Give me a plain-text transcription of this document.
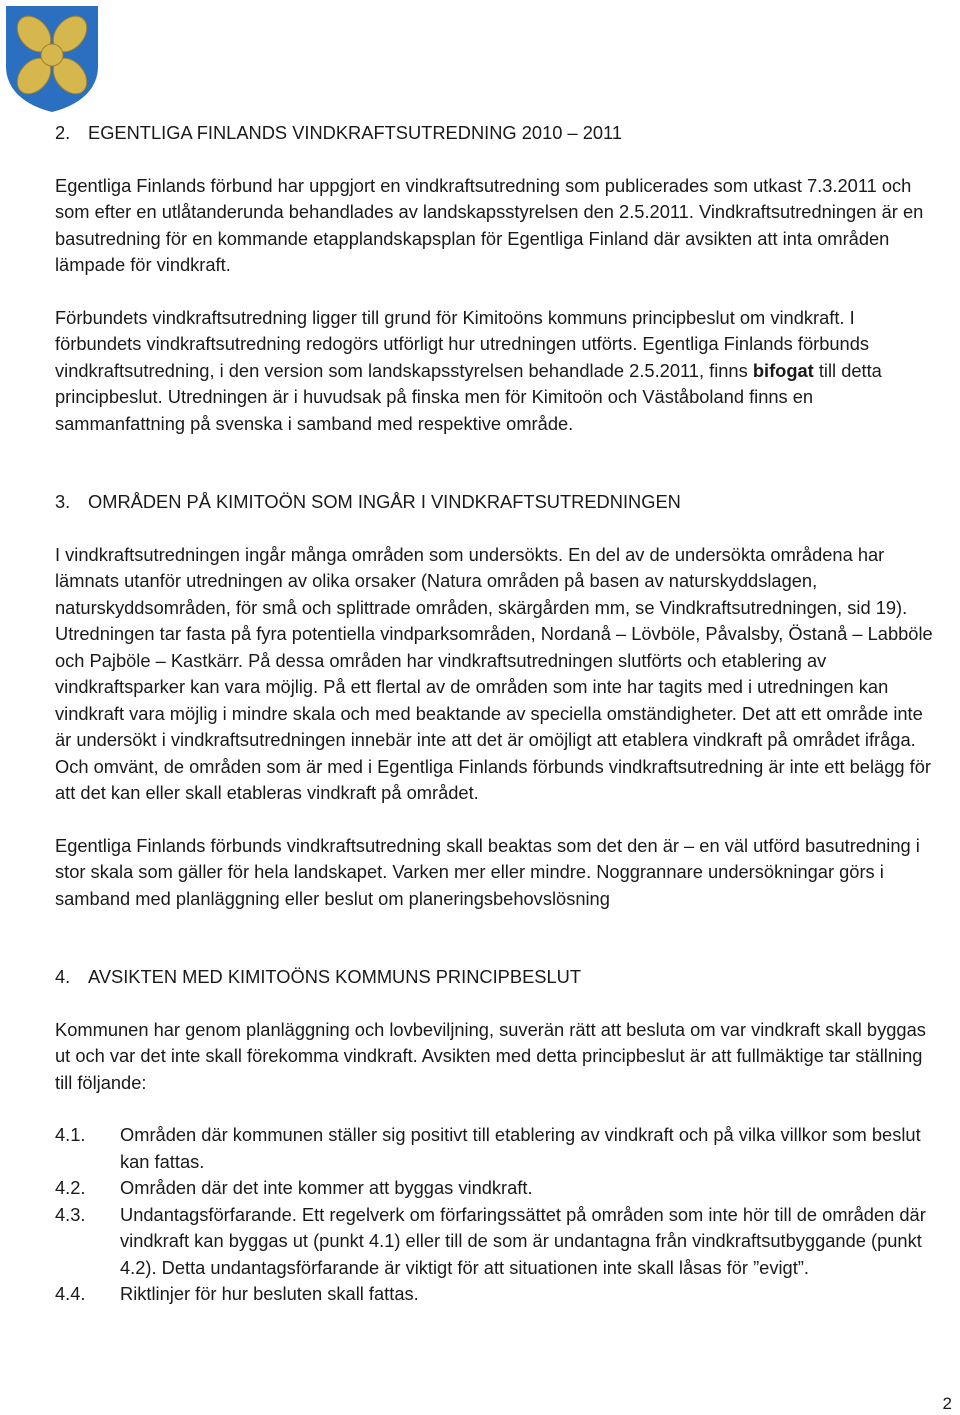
2. EGENTLIGA FINLANDS VINDKRAFTSUTREDNING 2010 – 2011

Egentliga Finlands förbund har uppgjort en vindkraftsutredning som publicerades som utkast 7.3.2011 och som efter en utlåtanderunda behandlades av landskapsstyrelsen den 2.5.2011. Vindkraftsutredningen är en basutredning för en kommande etapplandskapsplan för Egentliga Finland där avsikten att inta områden lämpade för vindkraft.

Förbundets vindkraftsutredning ligger till grund för Kimitoöns kommuns principbeslut om vindkraft. I förbundets vindkraftsutredning redogörs utförligt hur utredningen utförts. Egentliga Finlands förbunds vindkraftsutredning, i den version som landskapsstyrelsen behandlade 2.5.2011, finns bifogat till detta principbeslut. Utredningen är i huvudsak på finska men för Kimitoön och Väståboland finns en sammanfattning på svenska i samband med respektive område.

3. OMRÅDEN PÅ KIMITOÖN SOM INGÅR I VINDKRAFTSUTREDNINGEN

I vindkraftsutredningen ingår många områden som undersökts. En del av de undersökta områdena har lämnats utanför utredningen av olika orsaker (Natura områden på basen av naturskyddslagen, naturskyddsområden, för små och splittrade områden, skärgården mm, se Vindkraftsutredningen, sid 19). Utredningen tar fasta på fyra potentiella vindparksområden, Nordanå – Lövböle, Påvalsby, Östanå – Labböle och Pajböle – Kastkärr. På dessa områden har vindkraftsutredningen slutförts och etablering av vindkraftsparker kan vara möjlig. På ett flertal av de områden som inte har tagits med i utredningen kan vindkraft vara möjlig i mindre skala och med beaktande av speciella omständigheter. Det att ett område inte är undersökt i vindkraftsutredningen innebär inte att det är omöjligt att etablera vindkraft på området ifråga. Och omvänt, de områden som är med i Egentliga Finlands förbunds vindkraftsutredning är inte ett belägg för att det kan eller skall etableras vindkraft på området.

Egentliga Finlands förbunds vindkraftsutredning skall beaktas som det den är – en väl utförd basutredning i stor skala som gäller för hela landskapet. Varken mer eller mindre. Noggrannare undersökningar görs i samband med planläggning eller beslut om planeringsbehovslösning

4. AVSIKTEN MED KIMITOÖNS KOMMUNS PRINCIPBESLUT

Kommunen har genom planläggning och lovbeviljning, suverän rätt att besluta om var vindkraft skall byggas ut och var det inte skall förekomma vindkraft. Avsikten med detta principbeslut är att fullmäktige tar ställning till följande:

4.1.	Områden där kommunen ställer sig positivt till etablering av vindkraft och på vilka villkor som beslut kan fattas.
4.2.	Områden där det inte kommer att byggas vindkraft.
4.3.	Undantagsförfarande. Ett regelverk om förfaringssättet på områden som inte hör till de områden där vindkraft kan byggas ut (punkt 4.1) eller till de som är undantagna från vindkraftsutbyggande (punkt 4.2). Detta undantagsförfarande är viktigt för att situationen inte skall låsas för ”evigt”.
4.4.	Riktlinjer för hur besluten skall fattas.
2
